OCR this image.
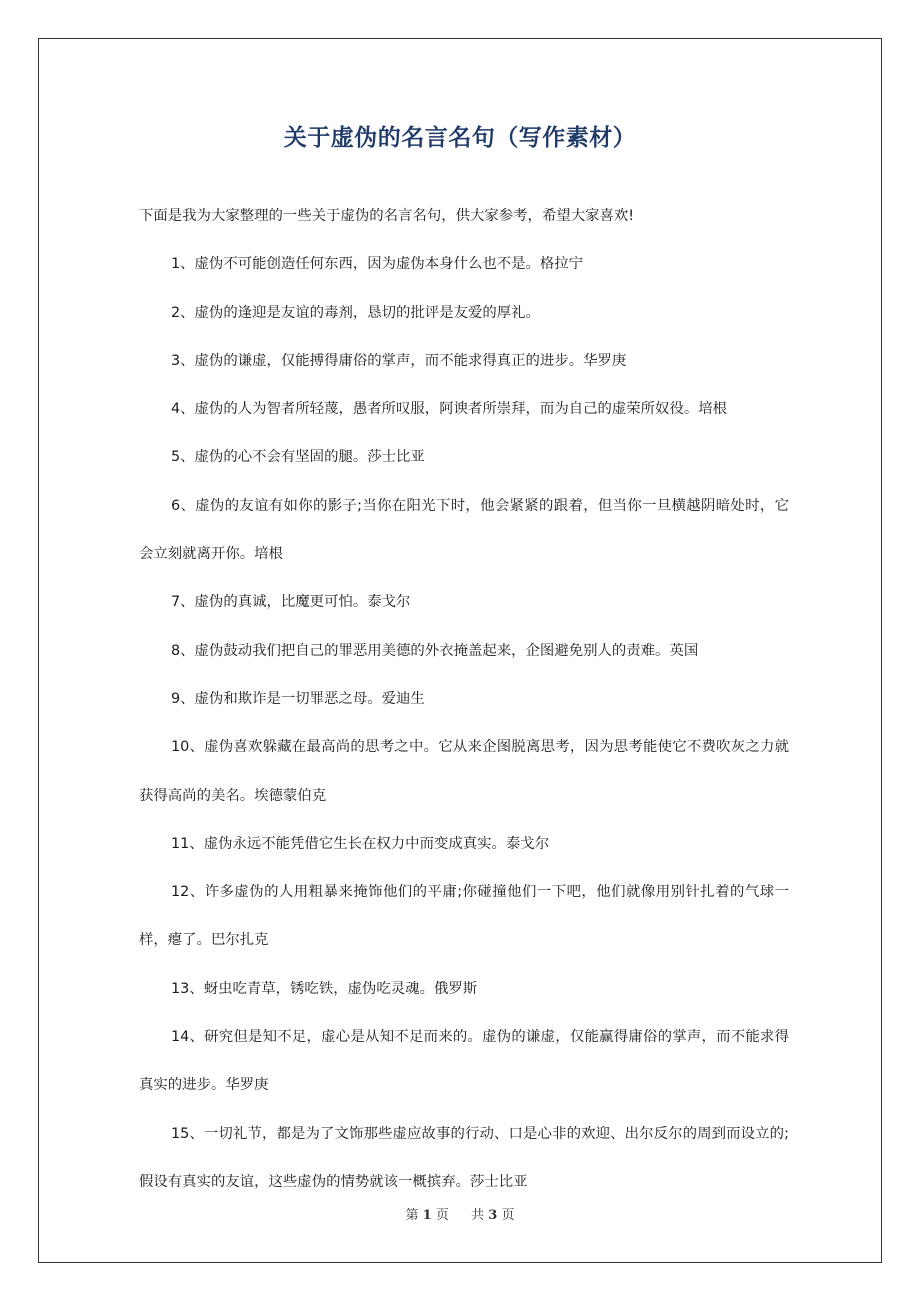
关于虚伪的名言名句（写作素材）

下面是我为大家整理的一些关于虚伪的名言名句，供大家参考，希望大家喜欢!

1、虚伪不可能创造任何东西，因为虚伪本身什么也不是。格拉宁

2、虚伪的逢迎是友谊的毒剂，恳切的批评是友爱的厚礼。

3、虚伪的谦虚，仅能搏得庸俗的掌声，而不能求得真正的进步。华罗庚

4、虚伪的人为智者所轻蔑，愚者所叹服，阿谀者所崇拜，而为自己的虚荣所奴役。培根

5、虚伪的心不会有坚固的腿。莎士比亚

6、虚伪的友谊有如你的影子;当你在阳光下时，他会紧紧的跟着，但当你一旦横越阴暗处时，它会立刻就离开你。培根

7、虚伪的真诚，比魔更可怕。泰戈尔

8、虚伪鼓动我们把自己的罪恶用美德的外衣掩盖起来，企图避免别人的责难。英国

9、虚伪和欺诈是一切罪恶之母。爱迪生

10、虚伪喜欢躲藏在最高尚的思考之中。它从来企图脱离思考，因为思考能使它不费吹灰之力就获得高尚的美名。埃德蒙伯克

11、虚伪永远不能凭借它生长在权力中而变成真实。泰戈尔

12、许多虚伪的人用粗暴来掩饰他们的平庸;你碰撞他们一下吧，他们就像用别针扎着的气球一样，瘪了。巴尔扎克

13、蚜虫吃青草，锈吃铁，虚伪吃灵魂。俄罗斯

14、研究但是知不足，虚心是从知不足而来的。虚伪的谦虚，仅能赢得庸俗的掌声，而不能求得真实的进步。华罗庚

15、一切礼节，都是为了文饰那些虚应故事的行动、口是心非的欢迎、出尔反尔的周到而设立的;假设有真实的友谊，这些虚伪的情势就该一概摈弃。莎士比亚

第 1 页 共 3 页
